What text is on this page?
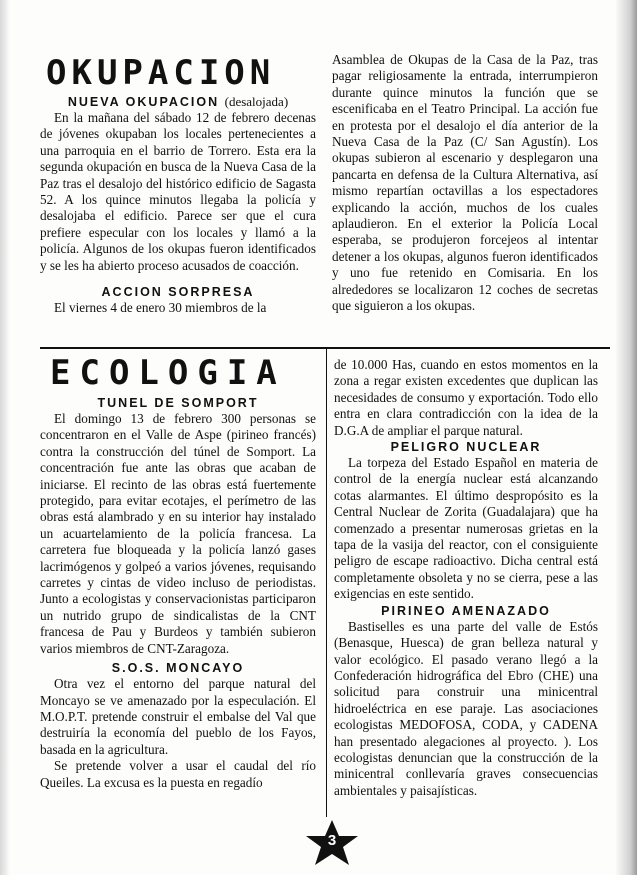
OKUPACION
NUEVA OKUPACION (desalojada)

En la mañana del sábado 12 de febrero decenas de jóvenes okupaban los locales pertenecientes a una parroquia en el barrio de Torrero. Esta era la segunda okupación en busca de la Nueva Casa de la Paz tras el desalojo del histórico edificio de Sagasta 52. A los quince minutos llegaba la policía y desalojaba el edificio. Parece ser que el cura prefiere especular con los locales y llamó a la policía. Algunos de los okupas fueron identificados y se les ha abierto proceso acusados de coacción.

ACCION SORPRESA

El viernes 4 de enero 30 miembros de la

Asamblea de Okupas de la Casa de la Paz, tras pagar religiosamente la entrada, interrumpieron durante quince minutos la función que se escenificaba en el Teatro Principal. La acción fue en protesta por el desalojo el día anterior de la Nueva Casa de la Paz (C/ San Agustín). Los okupas subieron al escenario y desplegaron una pancarta en defensa de la Cultura Alternativa, así mismo repartían octavillas a los espectadores explicando la acción, muchos de los cuales aplaudieron. En el exterior la Policía Local esperaba, se produjeron forcejeos al intentar detener a los okupas, algunos fueron identificados y uno fue retenido en Comisaria. En los alrededores se localizaron 12 coches de secretas que siguieron a los okupas.

ECOLOGIA
TUNEL DE SOMPORT

El domingo 13 de febrero 300 personas se concentraron en el Valle de Aspe (pirineo francés) contra la construcción del túnel de Somport. La concentración fue ante las obras que acaban de iniciarse. El recinto de las obras está fuertemente protegido, para evitar ecotajes, el perímetro de las obras está alambrado y en su interior hay instalado un acuartelamiento de la policía francesa. La carretera fue bloqueada y la policía lanzó gases lacrimógenos y golpeó a varios jóvenes, requisando carretes y cintas de video incluso de periodistas. Junto a ecologistas y conservacionistas participaron un nutrido grupo de sindicalistas de la CNT francesa de Pau y Burdeos y también subieron varios miembros de CNT-Zaragoza.

S.O.S. MONCAYO

Otra vez el entorno del parque natural del Moncayo se ve amenazado por la especulación. El M.O.P.T. pretende construir el embalse del Val que destruiría la economía del pueblo de los Fayos, basada en la agricultura.

Se pretende volver a usar el caudal del río Queiles. La excusa es la puesta en regadío

de 10.000 Has, cuando en estos momentos en la zona a regar existen excedentes que duplican las necesidades de consumo y exportación. Todo ello entra en clara contradicción con la idea de la D.G.A de ampliar el parque natural.

PELIGRO NUCLEAR

La torpeza del Estado Español en materia de control de la energía nuclear está alcanzando cotas alarmantes. El último despropósito es la Central Nuclear de Zorita (Guadalajara) que ha comenzado a presentar numerosas grietas en la tapa de la vasija del reactor, con el consiguiente peligro de escape radioactivo. Dicha central está completamente obsoleta y no se cierra, pese a las exigencias en este sentido.

PIRINEO AMENAZADO

Bastiselles es una parte del valle de Estós (Benasque, Huesca) de gran belleza natural y valor ecológico. El pasado verano llegó a la Confederación hidrográfica del Ebro (CHE) una solicitud para construir una minicentral hidroeléctrica en ese paraje. Las asociaciones ecologistas MEDOFOSA, CODA, y CADENA han presentado alegaciones al proyecto. ). Los ecologistas denuncian que la construcción de la minicentral conllevaría graves consecuencias ambientales y paisajísticas.

3
